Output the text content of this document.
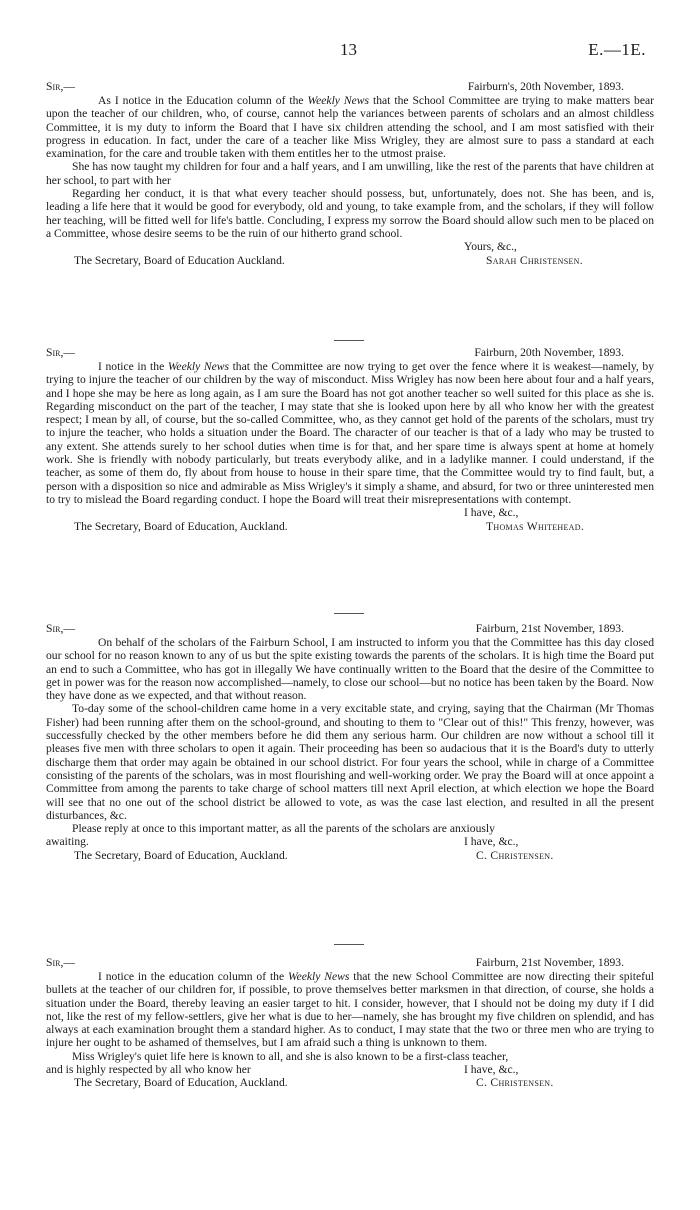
13	E.—1E.
Sir,—	Fairburn's, 20th November, 1893.

As I notice in the Education column of the Weekly News that the School Committee are trying to make matters bear upon the teacher of our children, who, of course, cannot help the variances between parents of scholars and an almost childless Committee, it is my duty to inform the Board that I have six children attending the school, and I am most satisfied with their progress in education. In fact, under the care of a teacher like Miss Wrigley, they are almost sure to pass a standard at each examination, for the care and trouble taken with them entitles her to the utmost praise.

She has now taught my children for four and a half years, and I am unwilling, like the rest of the parents that have children at her school, to part with her

Regarding her conduct, it is that what every teacher should possess, but, unfortunately, does not. She has been, and is, leading a life here that it would be good for everybody, old and young, to take example from, and the scholars, if they will follow her teaching, will be fitted well for life's battle. Concluding, I express my sorrow the Board should allow such men to be placed on a Committee, whose desire seems to be the ruin of our hitherto grand school.

Yours, &c.,
The Secretary, Board of Education Auckland.	Sarah Christensen.
Sir,—	Fairburn, 20th November, 1893.

I notice in the Weekly News that the Committee are now trying to get over the fence where it is weakest—namely, by trying to injure the teacher of our children by the way of misconduct. Miss Wrigley has now been here about four and a half years, and I hope she may be here as long again, as I am sure the Board has not got another teacher so well suited for this place as she is. Regarding misconduct on the part of the teacher, I may state that she is looked upon here by all who know her with the greatest respect; I mean by all, of course, but the so-called Committee, who, as they cannot get hold of the parents of the scholars, must try to injure the teacher, who holds a situation under the Board. The character of our teacher is that of a lady who may be trusted to any extent. She attends surely to her school duties when time is for that, and her spare time is always spent at home at homely work. She is friendly with nobody particularly, but treats everybody alike, and in a ladylike manner. I could understand, if the teacher, as some of them do, fly about from house to house in their spare time, that the Committee would try to find fault, but, a person with a disposition so nice and admirable as Miss Wrigley's it simply a shame, and absurd, for two or three uninterested men to try to mislead the Board regarding conduct. I hope the Board will treat their misrepresentations with contempt.

I have, &c.,
The Secretary, Board of Education, Auckland.	Thomas Whitehead.
Sir,—	Fairburn, 21st November, 1893.

On behalf of the scholars of the Fairburn School, I am instructed to inform you that the Committee has this day closed our school for no reason known to any of us but the spite existing towards the parents of the scholars. It is high time the Board put an end to such a Committee, who has got in illegally We have continually written to the Board that the desire of the Committee to get in power was for the reason now accomplished—namely, to close our school—but no notice has been taken by the Board. Now they have done as we expected, and that without reason.

To-day some of the school-children came home in a very excitable state, and crying, saying that the Chairman (Mr Thomas Fisher) had been running after them on the school-ground, and shouting to them to "Clear out of this!" This frenzy, however, was successfully checked by the other members before he did them any serious harm. Our children are now without a school till it pleases five men with three scholars to open it again. Their proceeding has been so audacious that it is the Board's duty to utterly discharge them that order may again be obtained in our school district. For four years the school, while in charge of a Committee consisting of the parents of the scholars, was in most flourishing and well-working order. We pray the Board will at once appoint a Committee from among the parents to take charge of school matters till next April election, at which election we hope the Board will see that no one out of the school district be allowed to vote, as was the case last election, and resulted in all the present disturbances, &c.

Please reply at once to this important matter, as all the parents of the scholars are anxiously

awaiting.	I have, &c.,
The Secretary, Board of Education, Auckland.	C. Christensen.
Sir,—	Fairburn, 21st November, 1893.

I notice in the education column of the Weekly News that the new School Committee are now directing their spiteful bullets at the teacher of our children for, if possible, to prove themselves better marksmen in that direction, of course, she holds a situation under the Board, thereby leaving an easier target to hit. I consider, however, that I should not be doing my duty if I did not, like the rest of my fellow-settlers, give her what is due to her—namely, she has brought my five children on splendid, and has always at each examination brought them a standard higher. As to conduct, I may state that the two or three men who are trying to injure her ought to be ashamed of themselves, but I am afraid such a thing is unknown to them.

Miss Wrigley's quiet life here is known to all, and she is also known to be a first-class teacher,

and is highly respected by all who know her	I have, &c.,
The Secretary, Board of Education, Auckland.	C. Christensen.
